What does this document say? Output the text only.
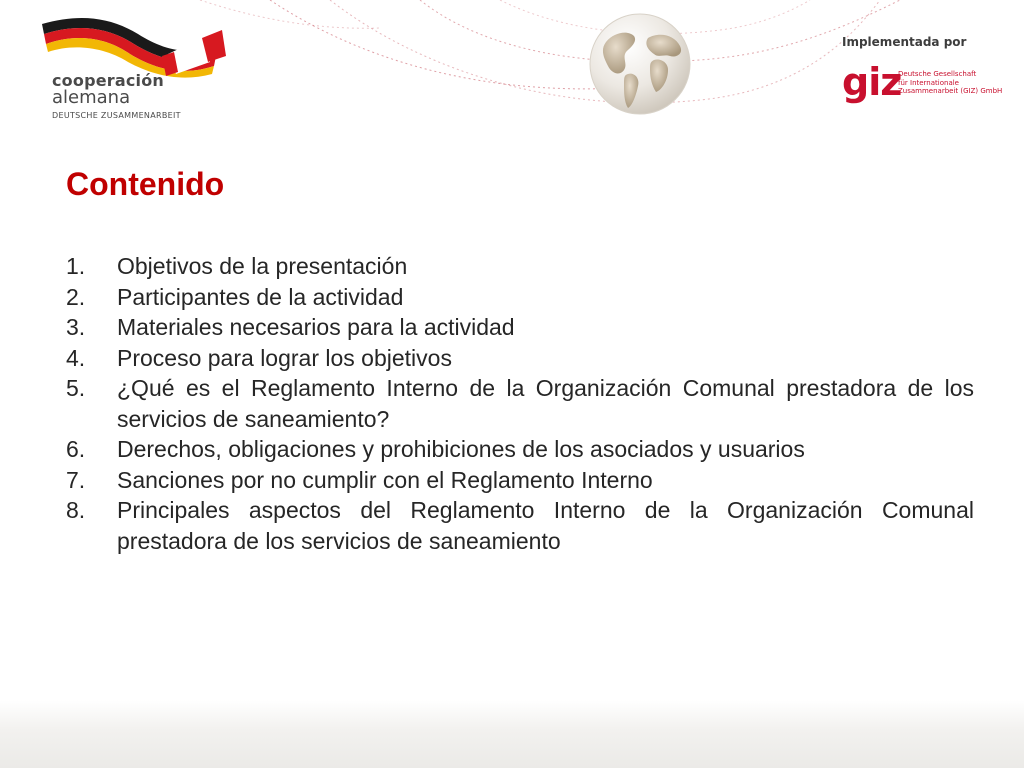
cooperación
alemana
DEUTSCHE ZUSAMMENARBEIT
Implementada por
giz
Deutsche Gesellschaft
für Internationale
Zusammenarbeit (GIZ) GmbH
Contenido
1.	Objetivos de la presentación
2.	Participantes de la actividad
3.	Materiales necesarios para la actividad
4.	Proceso para lograr los objetivos
5.	¿Qué es el Reglamento Interno de la Organización Comunal prestadora de los servicios de saneamiento?
6.	Derechos, obligaciones y prohibiciones de los asociados y usuarios
7.	Sanciones por no cumplir con el Reglamento Interno
8.	Principales aspectos del Reglamento Interno de la Organización Comunal prestadora de los servicios de saneamiento
